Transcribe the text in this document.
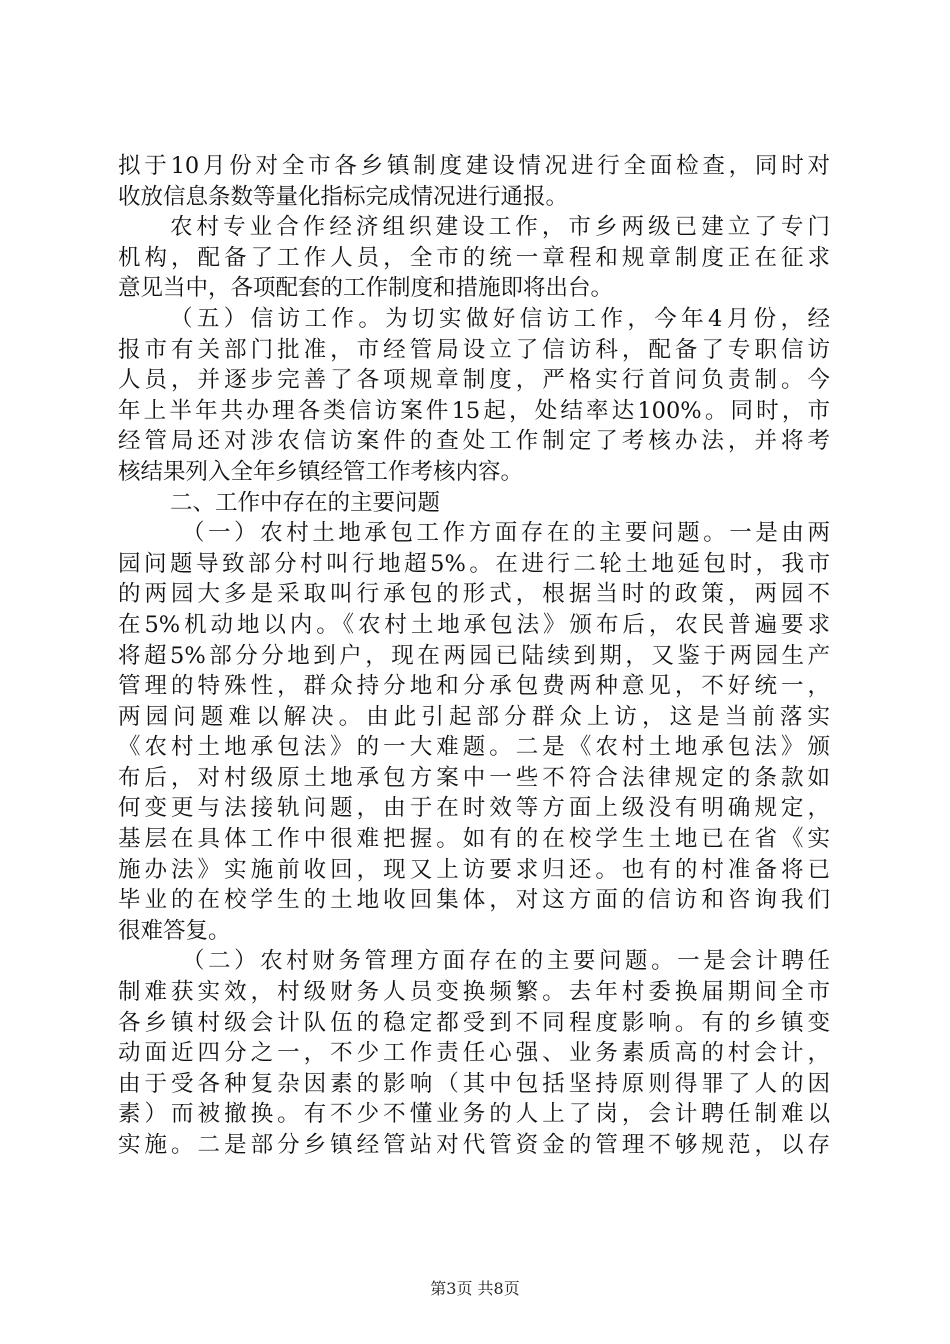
拟于10月份对全市各乡镇制度建设情况进行全面检查，同时对
收放信息条数等量化指标完成情况进行通报。
农村专业合作经济组织建设工作，市乡两级已建立了专门
机构，配备了工作人员，全市的统一章程和规章制度正在征求
意见当中，各项配套的工作制度和措施即将出台。
（五）信访工作。为切实做好信访工作，今年4月份，经
报市有关部门批准，市经管局设立了信访科，配备了专职信访
人员，并逐步完善了各项规章制度，严格实行首问负责制。今
年上半年共办理各类信访案件15起，处结率达100%。同时，市
经管局还对涉农信访案件的查处工作制定了考核办法，并将考
核结果列入全年乡镇经管工作考核内容。
二、工作中存在的主要问题
（一）农村土地承包工作方面存在的主要问题。一是由两
园问题导致部分村叫行地超5%。在进行二轮土地延包时，我市
的两园大多是采取叫行承包的形式，根据当时的政策，两园不
在5%机动地以内。《农村土地承包法》颁布后，农民普遍要求
将超5%部分分地到户，现在两园已陆续到期，又鉴于两园生产
管理的特殊性，群众持分地和分承包费两种意见，不好统一，
两园问题难以解决。由此引起部分群众上访，这是当前落实
《农村土地承包法》的一大难题。二是《农村土地承包法》颁
布后，对村级原土地承包方案中一些不符合法律规定的条款如
何变更与法接轨问题，由于在时效等方面上级没有明确规定，
基层在具体工作中很难把握。如有的在校学生土地已在省《实
施办法》实施前收回，现又上访要求归还。也有的村准备将已
毕业的在校学生的土地收回集体，对这方面的信访和咨询我们
很难答复。
（二）农村财务管理方面存在的主要问题。一是会计聘任
制难获实效，村级财务人员变换频繁。去年村委换届期间全市
各乡镇村级会计队伍的稳定都受到不同程度影响。有的乡镇变
动面近四分之一，不少工作责任心强、业务素质高的村会计，
由于受各种复杂因素的影响（其中包括坚持原则得罪了人的因
素）而被撤换。有不少不懂业务的人上了岗，会计聘任制难以
实施。二是部分乡镇经管站对代管资金的管理不够规范，以存
第3页 共8页
